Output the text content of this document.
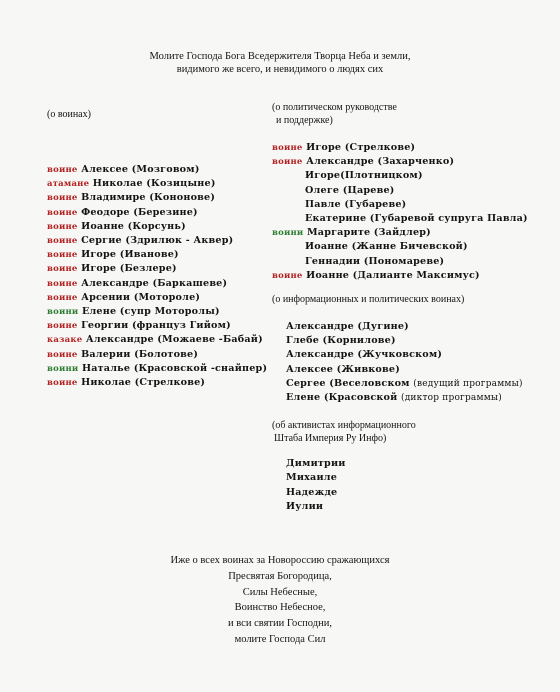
Молите Господа Бога Вседержителя Творца Неба и земли,
видимого же всего, и невидимого о людях сих
(о воинах)
воине Алексее (Мозговом)
атамане Николае (Козицыне)
воине Владимире (Кононове)
воине Феодоре (Березине)
воине Иоанне (Корсунь)
воине Сергие (Здрилюк - Аквер)
воине Игоре (Иванове)
воине Игоре (Безлере)
воине Александре (Баркашеве)
воине Арсении (Мотороле)
воини Елене (супр Моторолы)
воине Георгии (француз Гийом)
казаке Александре (Можаеве -Бабай)
воине Валерии (Болотове)
воини Наталье (Красовской -снайпер)
воине Николае (Стрелкове)
(о политическом руководстве
и поддержке)
воине Игоре (Стрелкове)
воине Александре (Захарченко)
Игоре(Плотницком)
Олеге (Цареве)
Павле (Губареве)
Екатерине (Губаревой супруга Павла)
воини Маргарите (Зайдлер)
Иоанне (Жанне Бичевской)
Геннадии (Пономареве)
воине Иоанне (Далианте Максимус)
(о информационных и политических воинах)
Александре (Дугине)
Глебе (Корнилове)
Александре (Жучковском)
Алексее (Живкове)
Сергее (Веселовском (ведущий программы)
Елене (Красовской (диктор программы)
(об активистах информационного
Штаба Империя Ру Инфо)
Димитрии
Михаиле
Надежде
Иулии
Иже о всех воинах за Новороссию сражающихся
Пресвятая Богородица,
Силы Небесные,
Воинство Небесное,
и вси святии Господни,
молите Господа Сил
